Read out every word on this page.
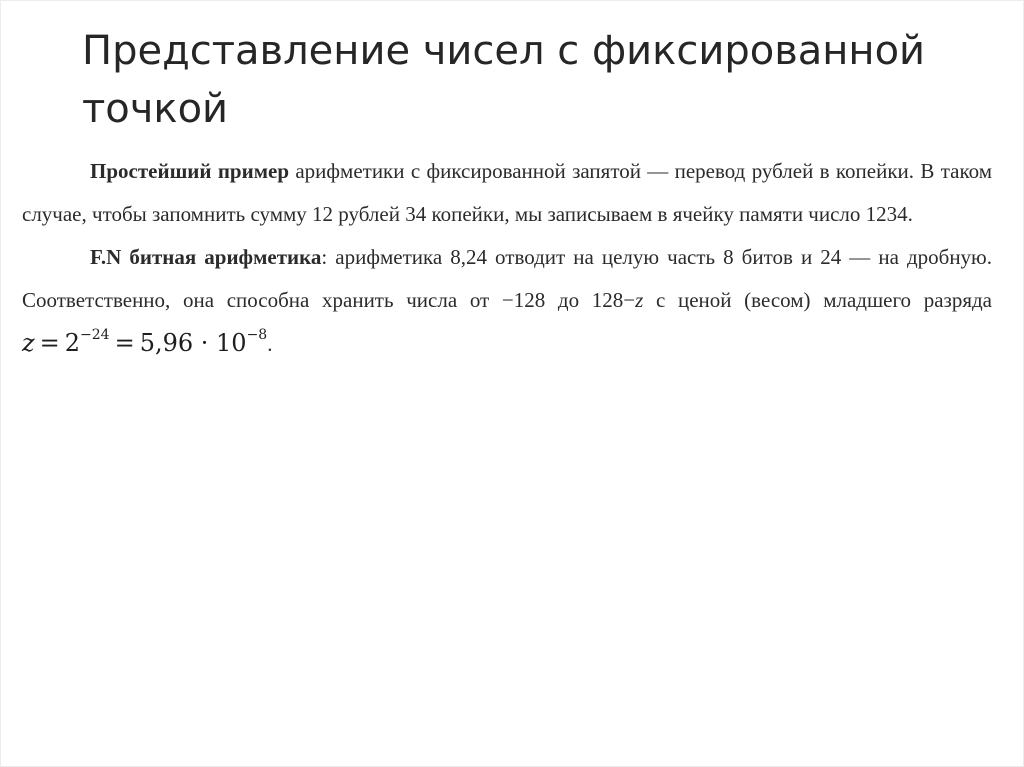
Представление чисел с фиксированной точкой

Простейший пример арифметики с фиксированной запятой — перевод рублей в копейки. В таком случае, чтобы запомнить сумму 12 рублей 34 копейки, мы записываем в ячейку памяти число 1234.

F.N битная арифметика: арифметика 8,24 отводит на целую часть 8 битов и 24 — на дробную. Соответственно, она способна хранить числа от −128 до 128−z с ценой (весом) младшего разряда $z = 2^{-24} = 5,96 \cdot 10^{-8}$.
